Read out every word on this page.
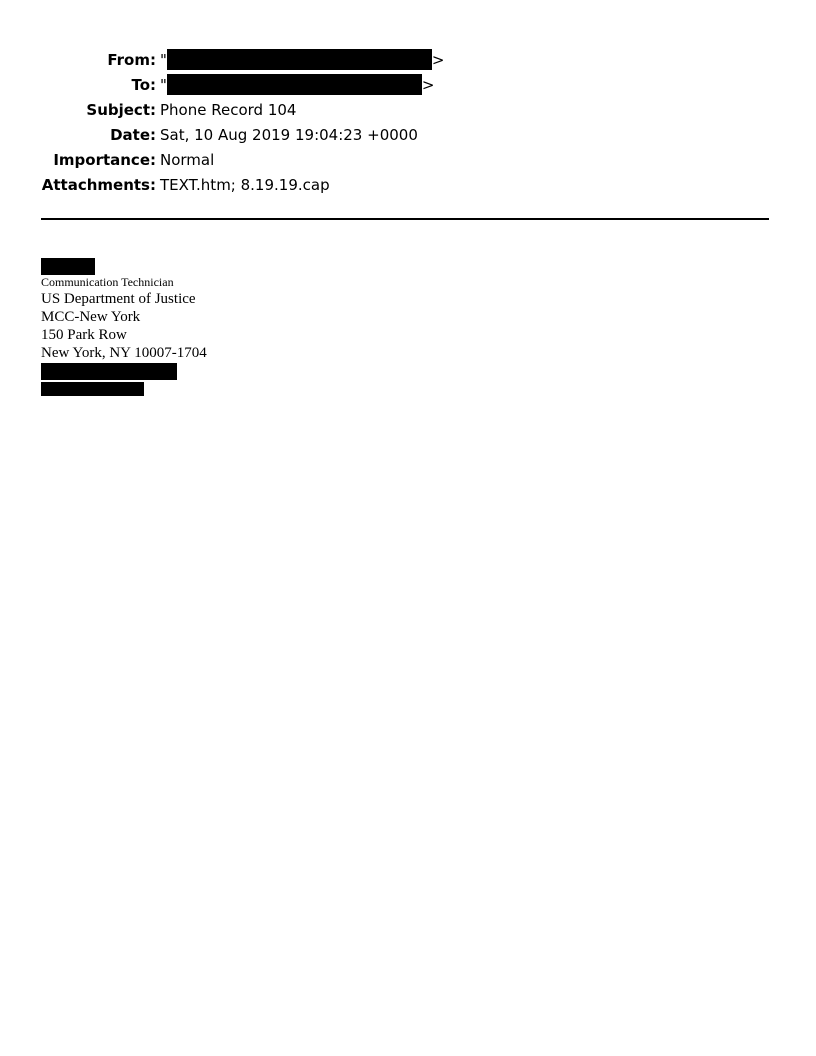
From: "	>
To: "	>
Subject: Phone Record 104
Date: Sat, 10 Aug 2019 19:04:23 +0000
Importance: Normal
Attachments: TEXT.htm; 8.19.19.cap
Communication Technician
US Department of Justice
MCC-New York
150 Park Row
New York, NY 10007-1704
